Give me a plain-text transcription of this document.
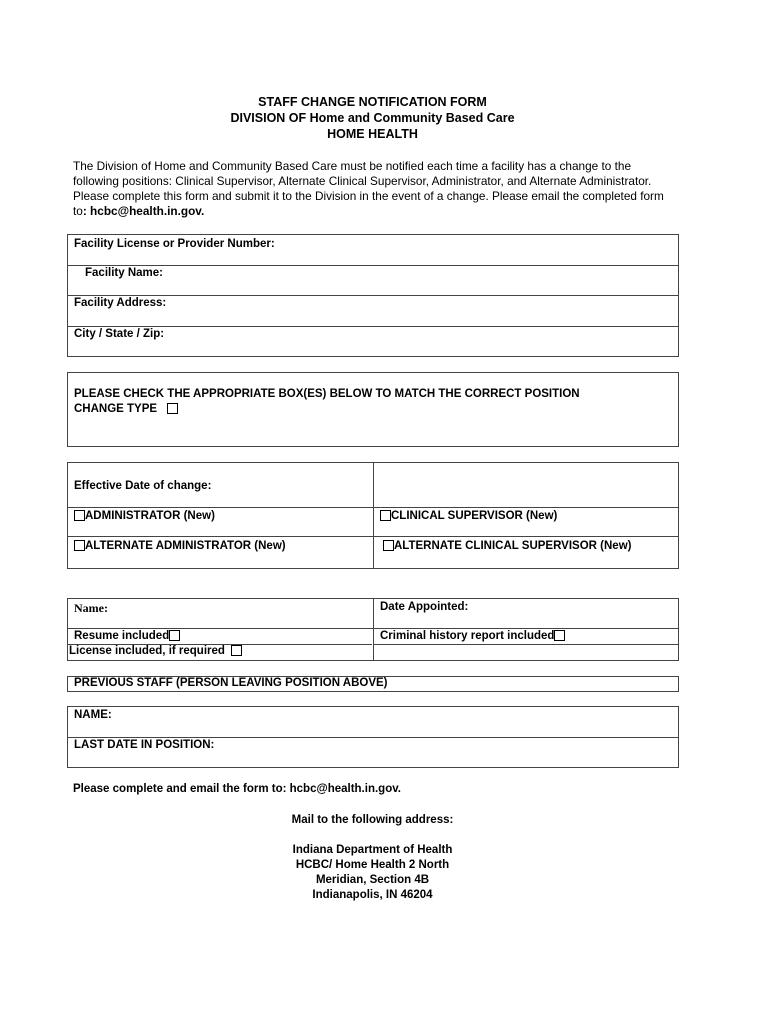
STAFF CHANGE NOTIFICATION FORM
DIVISION OF Home and Community Based Care
HOME HEALTH
The Division of Home and Community Based Care must be notified each time a facility has a change to the following positions: Clinical Supervisor, Alternate Clinical Supervisor, Administrator, and Alternate Administrator. Please complete this form and submit it to the Division in the event of a change. Please email the completed form to: hcbc@health.in.gov.
Facility License or Provider Number:
Facility Name:
Facility Address:
City / State / Zip:
PLEASE CHECK THE APPROPRIATE BOX(ES) BELOW TO MATCH THE CORRECT POSITION
CHANGE TYPE
Effective Date of change:
ADMINISTRATOR (New)	CLINICAL SUPERVISOR (New)
ALTERNATE ADMINISTRATOR (New)	ALTERNATE CLINICAL SUPERVISOR (New)
Name:	Date Appointed:
Resume included	Criminal history report included
License included, if required
PREVIOUS STAFF (PERSON LEAVING POSITION ABOVE)
NAME:
LAST DATE IN POSITION:
Please complete and email the form to: hcbc@health.in.gov.
Mail to the following address:
Indiana Department of Health
HCBC/ Home Health 2 North
Meridian, Section 4B
Indianapolis, IN 46204
